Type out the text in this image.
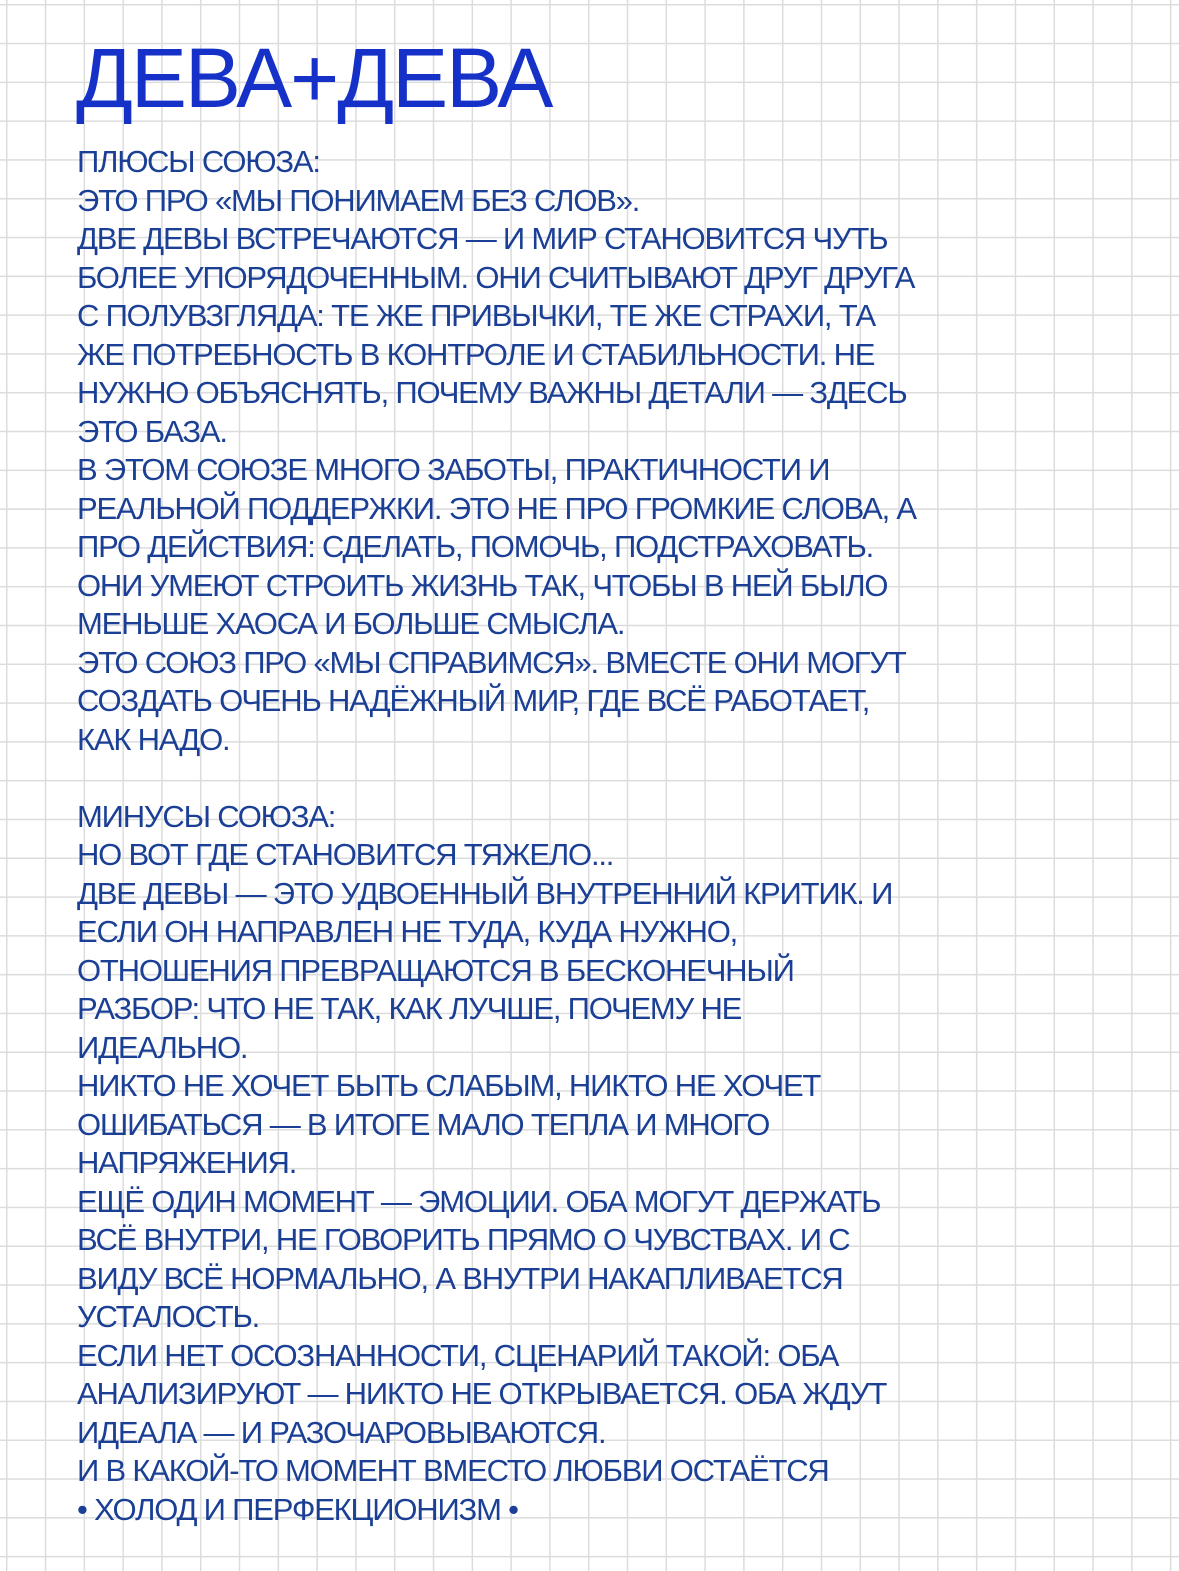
ДЕВА+ДЕВА
ПЛЮСЫ СОЮЗА:
ЭТО ПРО «МЫ ПОНИМАЕМ БЕЗ СЛОВ».
ДВЕ ДЕВЫ ВСТРЕЧАЮТСЯ — И МИР СТАНОВИТСЯ ЧУТЬ
БОЛЕЕ УПОРЯДОЧЕННЫМ. ОНИ СЧИТЫВАЮТ ДРУГ ДРУГА
С ПОЛУВЗГЛЯДА: ТЕ ЖЕ ПРИВЫЧКИ, ТЕ ЖЕ СТРАХИ, ТА
ЖЕ ПОТРЕБНОСТЬ В КОНТРОЛЕ И СТАБИЛЬНОСТИ. НЕ
НУЖНО ОБЪЯСНЯТЬ, ПОЧЕМУ ВАЖНЫ ДЕТАЛИ — ЗДЕСЬ
ЭТО БАЗА.
В ЭТОМ СОЮЗЕ МНОГО ЗАБОТЫ, ПРАКТИЧНОСТИ И
РЕАЛЬНОЙ ПОДДЕРЖКИ. ЭТО НЕ ПРО ГРОМКИЕ СЛОВА, А
ПРО ДЕЙСТВИЯ: СДЕЛАТЬ, ПОМОЧЬ, ПОДСТРАХОВАТЬ.
ОНИ УМЕЮТ СТРОИТЬ ЖИЗНЬ ТАК, ЧТОБЫ В НЕЙ БЫЛО
МЕНЬШЕ ХАОСА И БОЛЬШЕ СМЫСЛА.
ЭТО СОЮЗ ПРО «МЫ СПРАВИМСЯ». ВМЕСТЕ ОНИ МОГУТ
СОЗДАТЬ ОЧЕНЬ НАДЁЖНЫЙ МИР, ГДЕ ВСЁ РАБОТАЕТ,
КАК НАДО.
МИНУСЫ СОЮЗА:
НО ВОТ ГДЕ СТАНОВИТСЯ ТЯЖЕЛО...
ДВЕ ДЕВЫ — ЭТО УДВОЕННЫЙ ВНУТРЕННИЙ КРИТИК. И
ЕСЛИ ОН НАПРАВЛЕН НЕ ТУДА, КУДА НУЖНО,
ОТНОШЕНИЯ ПРЕВРАЩАЮТСЯ В БЕСКОНЕЧНЫЙ
РАЗБОР: ЧТО НЕ ТАК, КАК ЛУЧШЕ, ПОЧЕМУ НЕ
ИДЕАЛЬНО.
НИКТО НЕ ХОЧЕТ БЫТЬ СЛАБЫМ, НИКТО НЕ ХОЧЕТ
ОШИБАТЬСЯ — В ИТОГЕ МАЛО ТЕПЛА И МНОГО
НАПРЯЖЕНИЯ.
ЕЩЁ ОДИН МОМЕНТ — ЭМОЦИИ. ОБА МОГУТ ДЕРЖАТЬ
ВСЁ ВНУТРИ, НЕ ГОВОРИТЬ ПРЯМО О ЧУВСТВАХ. И С
ВИДУ ВСЁ НОРМАЛЬНО, А ВНУТРИ НАКАПЛИВАЕТСЯ
УСТАЛОСТЬ.
ЕСЛИ НЕТ ОСОЗНАННОСТИ, СЦЕНАРИЙ ТАКОЙ: ОБА
АНАЛИЗИРУЮТ — НИКТО НЕ ОТКРЫВАЕТСЯ. ОБА ЖДУТ
ИДЕАЛА — И РАЗОЧАРОВЫВАЮТСЯ.
И В КАКОЙ-ТО МОМЕНТ ВМЕСТО ЛЮБВИ ОСТАЁТСЯ
• ХОЛОД И ПЕРФЕКЦИОНИЗМ •
